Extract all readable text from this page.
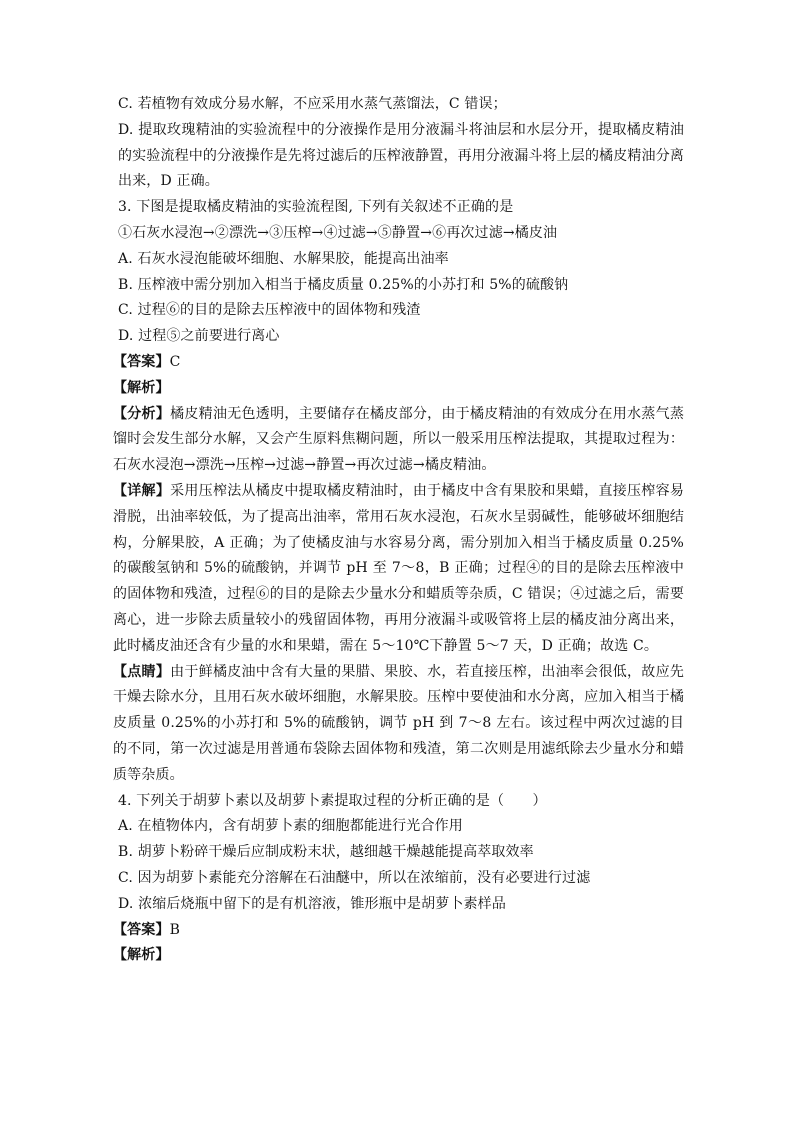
C. 若植物有效成分易水解，不应采用水蒸气蒸馏法，C 错误；
D. 提取玫瑰精油的实验流程中的分液操作是用分液漏斗将油层和水层分开，提取橘皮精油的实验流程中的分液操作是先将过滤后的压榨液静置，再用分液漏斗将上层的橘皮精油分离出来，D 正确。
3. 下图是提取橘皮精油的实验流程图, 下列有关叙述不正确的是
①石灰水浸泡→②漂洗→③压榨→④过滤→⑤静置→⑥再次过滤→橘皮油
A. 石灰水浸泡能破坏细胞、水解果胶，能提高出油率
B. 压榨液中需分别加入相当于橘皮质量 0.25%的小苏打和 5%的硫酸钠
C. 过程⑥的目的是除去压榨液中的固体物和残渣
D. 过程⑤之前要进行离心
【答案】C
【解析】
【分析】橘皮精油无色透明，主要储存在橘皮部分，由于橘皮精油的有效成分在用水蒸气蒸馏时会发生部分水解，又会产生原料焦糊问题，所以一般采用压榨法提取，其提取过程为：石灰水浸泡→漂洗→压榨→过滤→静置→再次过滤→橘皮精油。
【详解】采用压榨法从橘皮中提取橘皮精油时，由于橘皮中含有果胶和果蜡，直接压榨容易滑脱，出油率较低，为了提高出油率，常用石灰水浸泡，石灰水呈弱碱性，能够破坏细胞结构，分解果胶，A 正确；为了使橘皮油与水容易分离，需分别加入相当于橘皮质量 0.25%的碳酸氢钠和 5%的硫酸钠，并调节 pH 至 7～8，B 正确；过程④的目的是除去压榨液中的固体物和残渣，过程⑥的目的是除去少量水分和蜡质等杂质，C 错误；④过滤之后，需要离心，进一步除去质量较小的残留固体物，再用分液漏斗或吸管将上层的橘皮油分离出来，此时橘皮油还含有少量的水和果蜡，需在 5～10℃下静置 5～7 天，D 正确；故选 C。
【点睛】由于鲜橘皮油中含有大量的果腊、果胶、水，若直接压榨，出油率会很低，故应先干燥去除水分，且用石灰水破坏细胞，水解果胶。压榨中要使油和水分离，应加入相当于橘皮质量 0.25%的小苏打和 5%的硫酸钠，调节 pH 到 7～8 左右。该过程中两次过滤的目的不同，第一次过滤是用普通布袋除去固体物和残渣，第二次则是用滤纸除去少量水分和蜡质等杂质。
4. 下列关于胡萝卜素以及胡萝卜素提取过程的分析正确的是（　　）
A. 在植物体内，含有胡萝卜素的细胞都能进行光合作用
B. 胡萝卜粉碎干燥后应制成粉末状，越细越干燥越能提高萃取效率
C. 因为胡萝卜素能充分溶解在石油醚中，所以在浓缩前，没有必要进行过滤
D. 浓缩后烧瓶中留下的是有机溶液，锥形瓶中是胡萝卜素样品
【答案】B
【解析】
